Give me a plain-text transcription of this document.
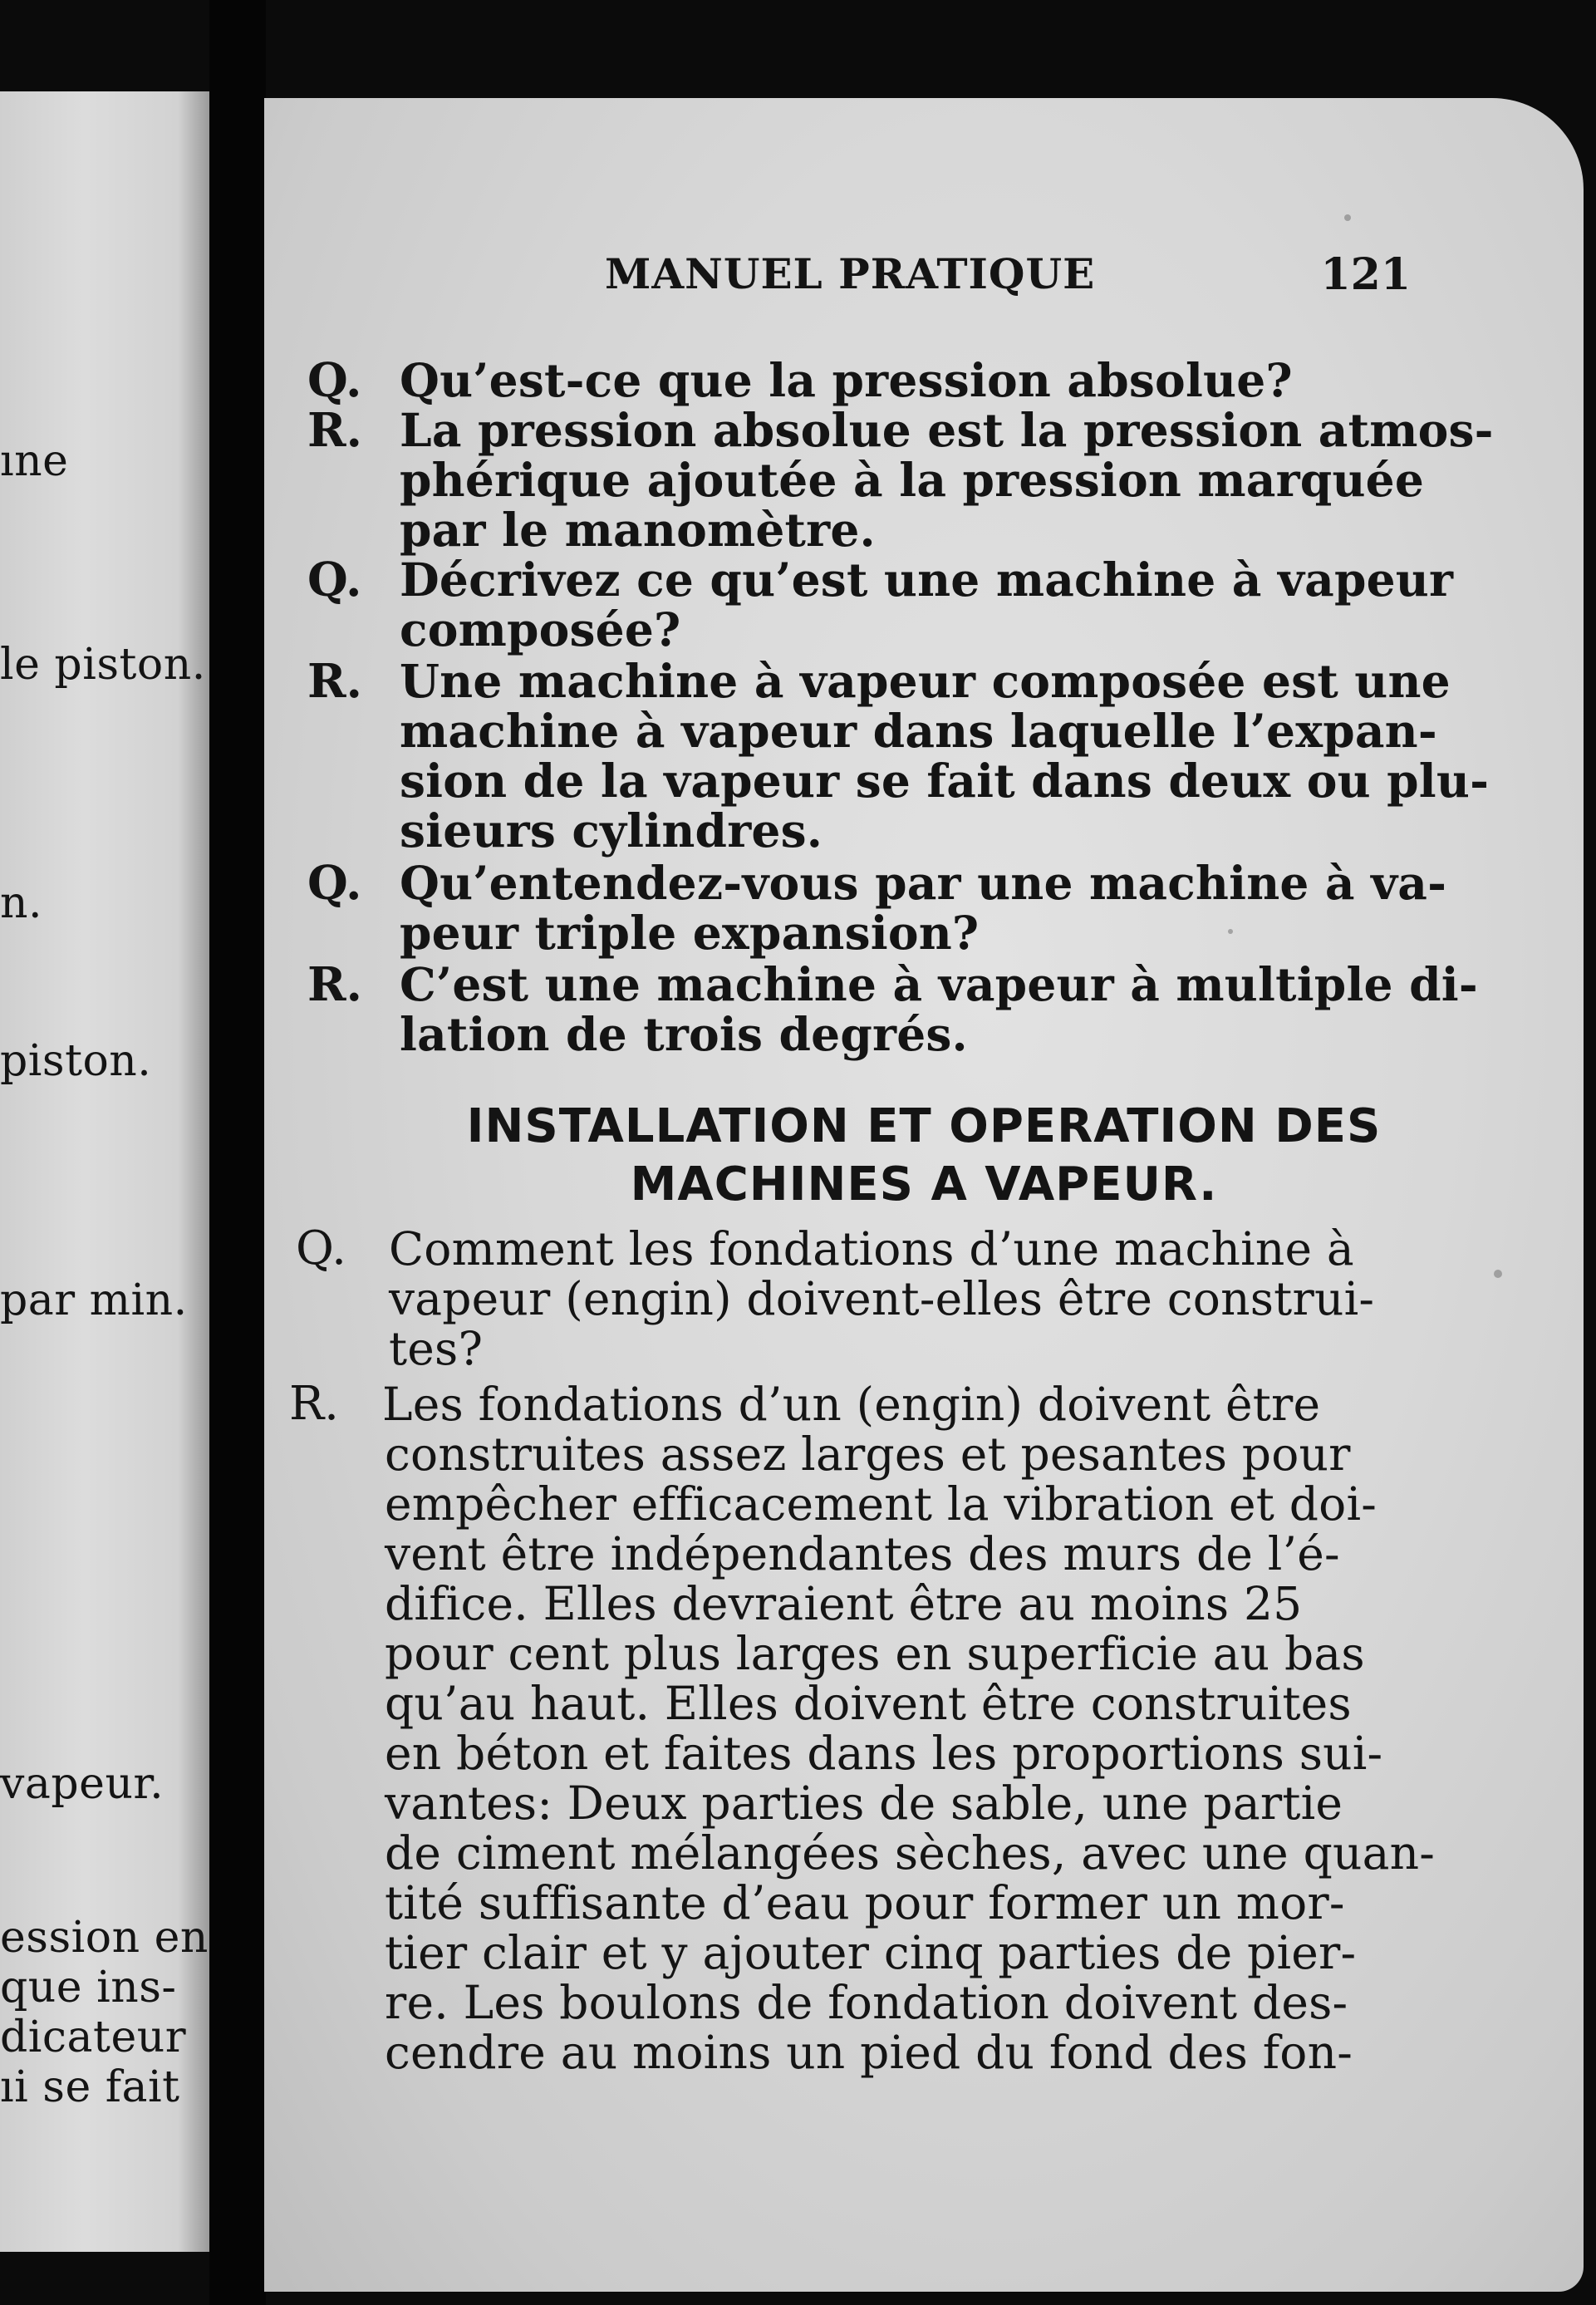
ıne
le piston.
n.
piston.
par min.
vapeur.
ession en
que ins-
dicateur
ıi se fait
MANUEL PRATIQUE	121
Q. Qu’est-ce que la pression absolue?
R. La pression absolue est la pression atmos-
phérique ajoutée à la pression marquée
par le manomètre.
Q. Décrivez ce qu’est une machine à vapeur
composée?
R. Une machine à vapeur composée est une
machine à vapeur dans laquelle l’expan-
sion de la vapeur se fait dans deux ou plu-
sieurs cylindres.
Q. Qu’entendez-vous par une machine à va-
peur triple expansion?
R. C’est une machine à vapeur à multiple di-
lation de trois degrés.
INSTALLATION ET OPERATION DES
MACHINES A VAPEUR.
Q. Comment les fondations d’une machine à
vapeur (engin) doivent-elles être construi-
tes?
R. Les fondations d’un (engin) doivent être
construites assez larges et pesantes pour
empêcher efficacement la vibration et doi-
vent être indépendantes des murs de l’é-
difice. Elles devraient être au moins 25
pour cent plus larges en superficie au bas
qu’au haut. Elles doivent être construites
en béton et faites dans les proportions sui-
vantes: Deux parties de sable, une partie
de ciment mélangées sèches, avec une quan-
tité suffisante d’eau pour former un mor-
tier clair et y ajouter cinq parties de pier-
re. Les boulons de fondation doivent des-
cendre au moins un pied du fond des fon-
